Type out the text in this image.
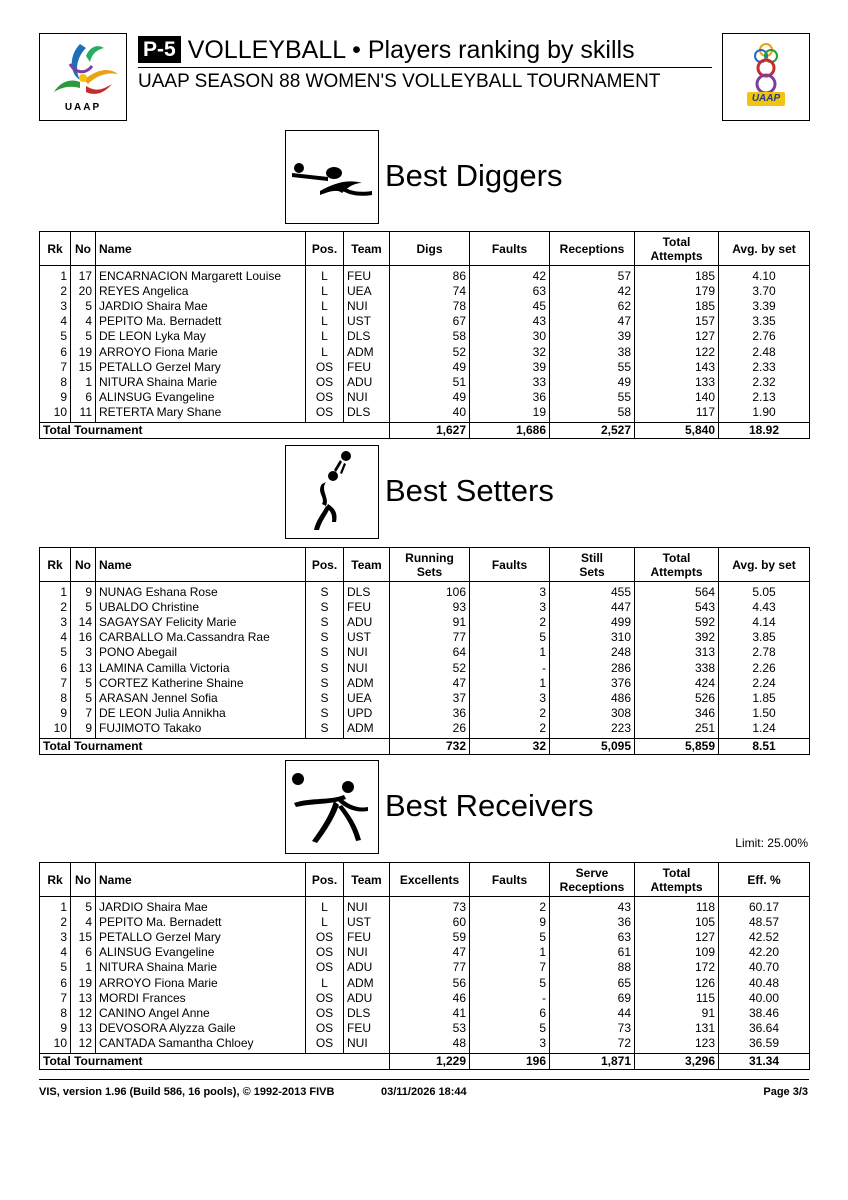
UAAP
P-5 VOLLEYBALL • Players ranking by skills
UAAP SEASON 88 WOMEN'S VOLLEYBALL TOURNAMENT
UAAP
Best Diggers
Rk	No	Name	Pos.	Team	Digs	Faults	Receptions	Total Attempts	Avg. by set
1	17	ENCARNACION Margarett Louise	L	FEU	86	42	57	185	4.10
2	20	REYES Angelica	L	UEA	74	63	42	179	3.70
3	5	JARDIO Shaira Mae	L	NUI	78	45	62	185	3.39
4	4	PEPITO Ma. Bernadett	L	UST	67	43	47	157	3.35
5	5	DE LEON Lyka May	L	DLS	58	30	39	127	2.76
6	19	ARROYO Fiona Marie	L	ADM	52	32	38	122	2.48
7	15	PETALLO Gerzel Mary	OS	FEU	49	39	55	143	2.33
8	1	NITURA Shaina Marie	OS	ADU	51	33	49	133	2.32
9	6	ALINSUG Evangeline	OS	NUI	49	36	55	140	2.13
10	11	RETERTA Mary Shane	OS	DLS	40	19	58	117	1.90
Total Tournament					1,627	1,686	2,527	5,840	18.92
Best Setters
Rk	No	Name	Pos.	Team	Running Sets	Faults	Still Sets	Total Attempts	Avg. by set
1	9	NUNAG Eshana Rose	S	DLS	106	3	455	564	5.05
2	5	UBALDO Christine	S	FEU	93	3	447	543	4.43
3	14	SAGAYSAY Felicity Marie	S	ADU	91	2	499	592	4.14
4	16	CARBALLO Ma.Cassandra Rae	S	UST	77	5	310	392	3.85
5	3	PONO Abegail	S	NUI	64	1	248	313	2.78
6	13	LAMINA Camilla Victoria	S	NUI	52	-	286	338	2.26
7	5	CORTEZ Katherine Shaine	S	ADM	47	1	376	424	2.24
8	5	ARASAN Jennel Sofia	S	UEA	37	3	486	526	1.85
9	7	DE LEON Julia Annikha	S	UPD	36	2	308	346	1.50
10	9	FUJIMOTO Takako	S	ADM	26	2	223	251	1.24
Total Tournament					732	32	5,095	5,859	8.51
Best Receivers
Limit: 25.00%
Rk	No	Name	Pos.	Team	Excellents	Faults	Serve Receptions	Total Attempts	Eff. %
1	5	JARDIO Shaira Mae	L	NUI	73	2	43	118	60.17
2	4	PEPITO Ma. Bernadett	L	UST	60	9	36	105	48.57
3	15	PETALLO Gerzel Mary	OS	FEU	59	5	63	127	42.52
4	6	ALINSUG Evangeline	OS	NUI	47	1	61	109	42.20
5	1	NITURA Shaina Marie	OS	ADU	77	7	88	172	40.70
6	19	ARROYO Fiona Marie	L	ADM	56	5	65	126	40.48
7	13	MORDI Frances	OS	ADU	46	-	69	115	40.00
8	12	CANINO Angel Anne	OS	DLS	41	6	44	91	38.46
9	13	DEVOSORA Alyzza Gaile	OS	FEU	53	5	73	131	36.64
10	12	CANTADA Samantha Chloey	OS	NUI	48	3	72	123	36.59
Total Tournament					1,229	196	1,871	3,296	31.34
VIS, version 1.96 (Build 586, 16 pools), © 1992-2013 FIVB	03/11/2026 18:44	Page 3/3
